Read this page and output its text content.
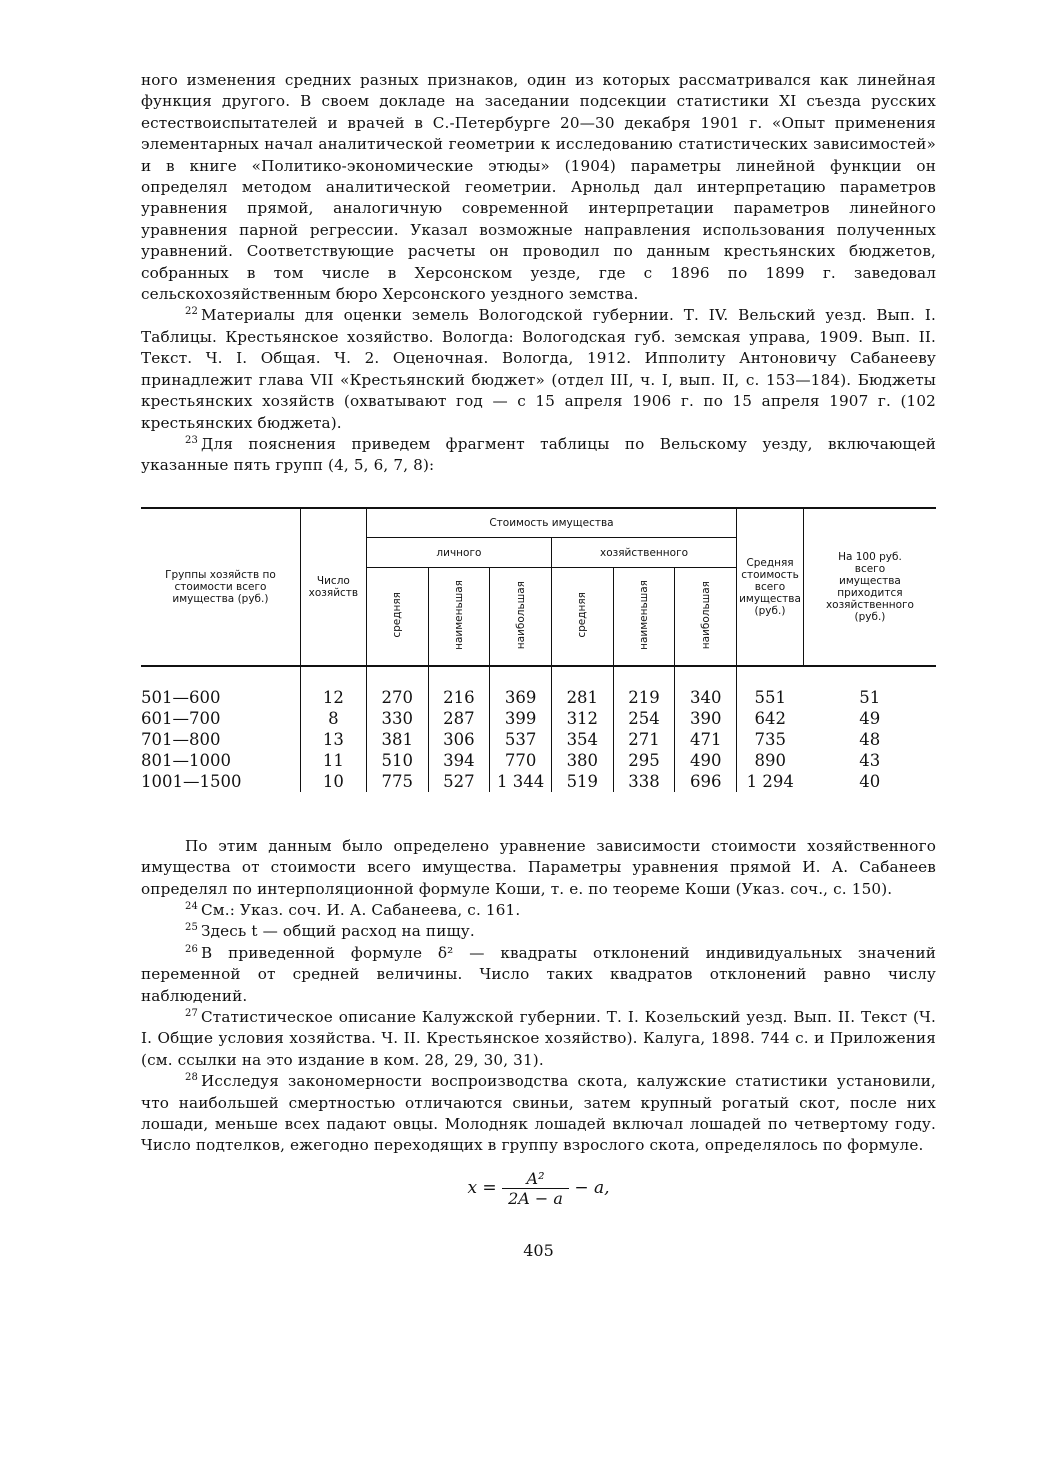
ного изменения средних разных признаков, один из которых рассматривался как линейная функция другого. В своем докладе на заседании подсекции статистики XI съезда русских естествоиспытателей и врачей в С.-Петербурге 20—30 декабря 1901 г. «Опыт применения элементарных начал аналитической геометрии к исследованию статистических зависимостей» и в книге «Политико-экономические этюды» (1904) параметры линейной функции он определял методом аналитической геометрии. Арнольд дал интерпретацию параметров уравнения прямой, аналогичную современной интерпретации параметров линейного уравнения парной регрессии. Указал возможные направления использования полученных уравнений. Соответствующие расчеты он проводил по данным крестьянских бюджетов, собранных в том числе в Херсонском уезде, где с 1896 по 1899 г. заведовал сельскохозяйственным бюро Херсонского уездного земства.

$^{22}$ Материалы для оценки земель Вологодской губернии. Т. IV. Вельский уезд. Вып. I. Таблицы. Крестьянское хозяйство. Вологда: Вологодская губ. земская управа, 1909. Вып. II. Текст. Ч. I. Общая. Ч. 2. Оценочная. Вологда, 1912. Ипполиту Антоновичу Сабанееву принадлежит глава VII «Крестьянский бюджет» (отдел III, ч. I, вып. II, с. 153—184). Бюджеты крестьянских хозяйств (охватывают год — с 15 апреля 1906 г. по 15 апреля 1907 г. (102 крестьянских бюджета).

$^{23}$ Для пояснения приведем фрагмент таблицы по Вельскому уезду, включающей указанные пять групп (4, 5, 6, 7, 8):

Группы хозяйств по стоимости всего имущества (руб.)	Число хозяйств	Стоимость имущества						Средняя стоимость всего имущества (руб.)	На 100 руб. всего имущества приходится хозяйственного (руб.)
		личного			хозяйственного				
		средняя	наименьшая	наибольшая	средняя	наименьшая	наибольшая		

501—600	12	270	216	369	281	219	340	551	51
601—700	8	330	287	399	312	254	390	642	49
701—800	13	381	306	537	354	271	471	735	48
801—1000	11	510	394	770	380	295	490	890	43
1001—1500	10	775	527	1 344	519	338	696	1 294	40

По этим данным было определено уравнение зависимости стоимости хозяйственного имущества от стоимости всего имущества. Параметры уравнения прямой И. А. Сабанеев определял по интерполяционной формуле Коши, т. е. по теореме Коши (Указ. соч., с. 150).

$^{24}$ См.: Указ. соч. И. А. Сабанеева, с. 161.

$^{25}$ Здесь t — общий расход на пищу.

$^{26}$ В приведенной формуле δ² — квадраты отклонений индивидуальных значений переменной от средней величины. Число таких квадратов отклонений равно числу наблюдений.

$^{27}$ Статистическое описание Калужской губернии. Т. I. Козельский уезд. Вып. II. Текст (Ч. I. Общие условия хозяйства. Ч. II. Крестьянское хозяйство). Калуга, 1898. 744 с. и Приложения (см. ссылки на это издание в ком. 28, 29, 30, 31).

$^{28}$ Исследуя закономерности воспроизводства скота, калужские статистики установили, что наибольшей смертностью отличаются свиньи, затем крупный рогатый скот, после них лошади, меньше всех падают овцы. Молодняк лошадей включал лошадей по четвертому году. Число подтелков, ежегодно переходящих в группу взрослого скота, определялось по формуле.

$x = \frac{\text{A²}}{2A - a} - a$,
405
